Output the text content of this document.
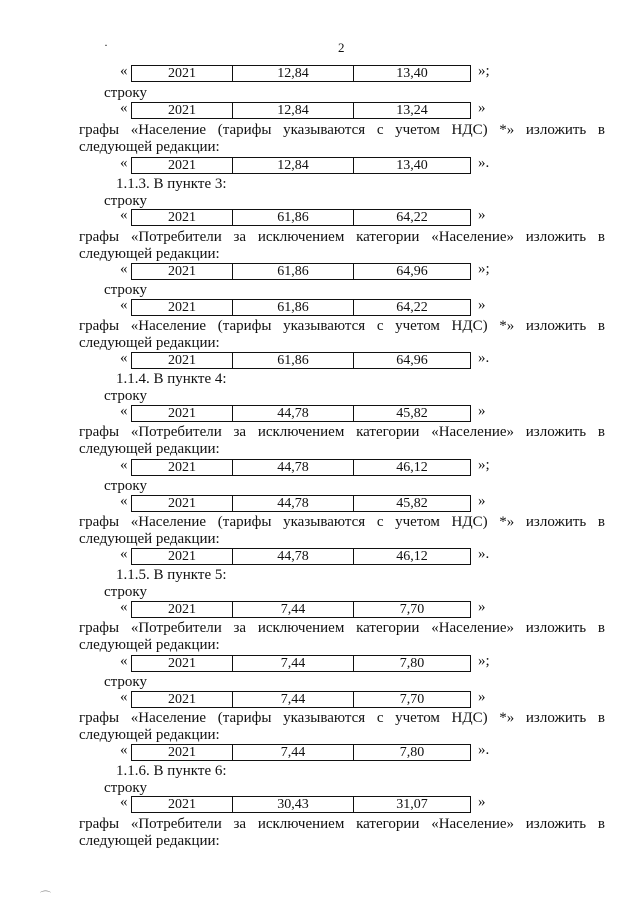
2
·
«	2021	12,84	13,40	»;
строку
«	2021	12,84	13,24	»
графы «Население (тарифы указываются с учетом НДС) *» изложить в
следующей редакции:
«	2021	12,84	13,40	».
1.1.3. В пункте 3:
строку
«	2021	61,86	64,22	»
графы «Потребители за исключением категории «Население» изложить в
следующей редакции:
«	2021	61,86	64,96	»;
строку
«	2021	61,86	64,22	»
графы «Население (тарифы указываются с учетом НДС) *» изложить в
следующей редакции:
«	2021	61,86	64,96	».
1.1.4. В пункте 4:
строку
«	2021	44,78	45,82	»
графы «Потребители за исключением категории «Население» изложить в
следующей редакции:
«	2021	44,78	46,12	»;
строку
«	2021	44,78	45,82	»
графы «Население (тарифы указываются с учетом НДС) *» изложить в
следующей редакции:
«	2021	44,78	46,12	».
1.1.5. В пункте 5:
строку
«	2021	7,44	7,70	»
графы «Потребители за исключением категории «Население» изложить в
следующей редакции:
«	2021	7,44	7,80	»;
строку
«	2021	7,44	7,70	»
графы «Население (тарифы указываются с учетом НДС) *» изложить в
следующей редакции:
«	2021	7,44	7,80	».
1.1.6. В пункте 6:
строку
«	2021	30,43	31,07	»
графы «Потребители за исключением категории «Население» изложить в
следующей редакции:
⌒
